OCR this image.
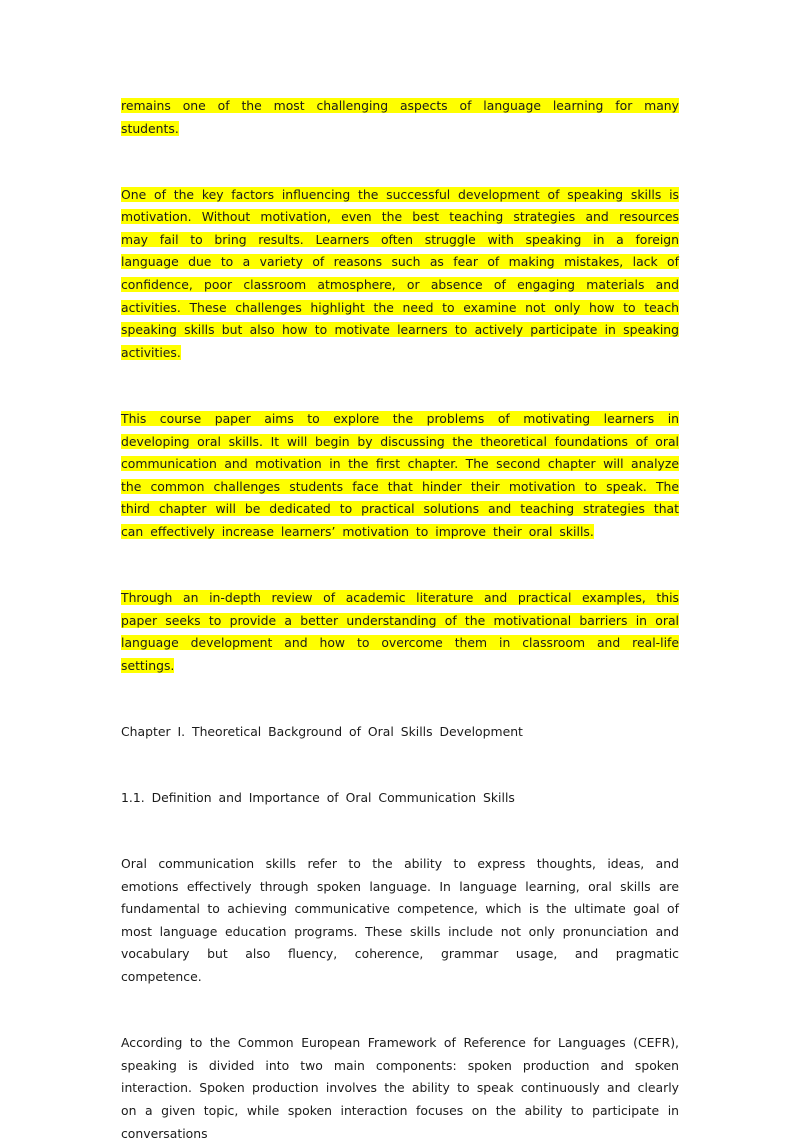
remains one of the most challenging aspects of language learning for many students.

One of the key factors influencing the successful development of speaking skills is motivation. Without motivation, even the best teaching strategies and resources may fail to bring results. Learners often struggle with speaking in a foreign language due to a variety of reasons such as fear of making mistakes, lack of confidence, poor classroom atmosphere, or absence of engaging materials and activities. These challenges highlight the need to examine not only how to teach speaking skills but also how to motivate learners to actively participate in speaking activities.

This course paper aims to explore the problems of motivating learners in developing oral skills. It will begin by discussing the theoretical foundations of oral communication and motivation in the first chapter. The second chapter will analyze the common challenges students face that hinder their motivation to speak. The third chapter will be dedicated to practical solutions and teaching strategies that can effectively increase learners’ motivation to improve their oral skills.

Through an in-depth review of academic literature and practical examples, this paper seeks to provide a better understanding of the motivational barriers in oral language development and how to overcome them in classroom and real-life settings.

Chapter I. Theoretical Background of Oral Skills Development

1.1. Definition and Importance of Oral Communication Skills

Oral communication skills refer to the ability to express thoughts, ideas, and emotions effectively through spoken language. In language learning, oral skills are fundamental to achieving communicative competence, which is the ultimate goal of most language education programs. These skills include not only pronunciation and vocabulary but also fluency, coherence, grammar usage, and pragmatic competence.

According to the Common European Framework of Reference for Languages (CEFR), speaking is divided into two main components: spoken production and spoken interaction. Spoken production involves the ability to speak continuously and clearly on a given topic, while spoken interaction focuses on the ability to participate in conversations
